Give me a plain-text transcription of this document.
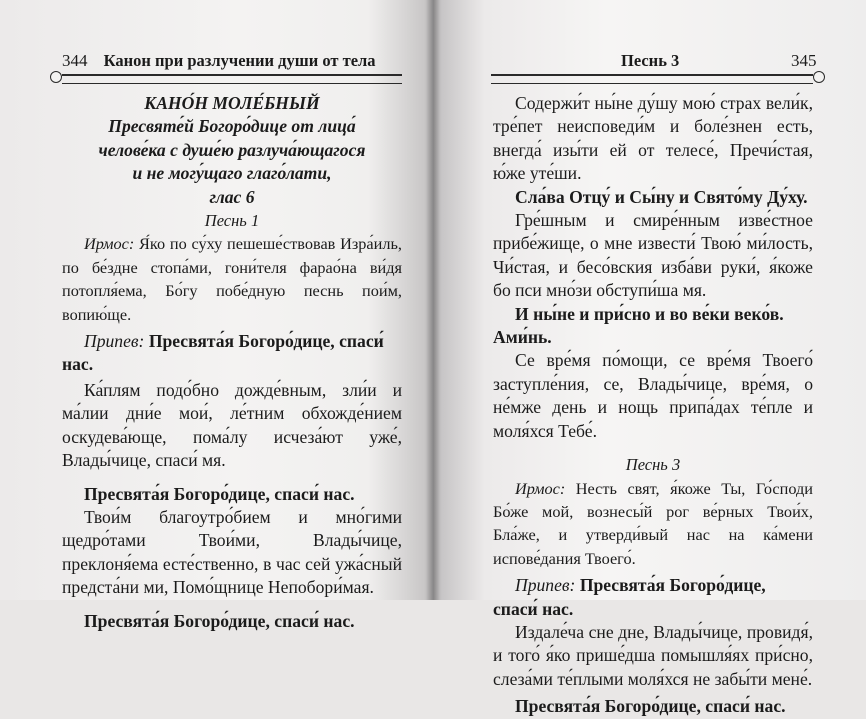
344 Канон при разлучении души от тела

КАНО́Н МОЛЕ́БНЫЙ

Пресвяте́й Богоро́дице от лица́

челове́ка с душе́ю разлуча́ющагося

и не могу́щаго глаго́лати,

глас 6

Песнь 1

Ирмос: Я́ко по су́ху пешеше́ствовав Изра́иль, по бе́здне стопа́ми, гони́теля фарао́на ви́дя потопля́ема, Бо́гу побе́дную песнь пои́м, вопию́ще.

Припев: Пресвята́я Богоро́дице, спаси́ нас.

Ка́плям подо́бно дожде́вным, зли́и и ма́лии дни́е мои́, ле́тним обхожде́нием оскудева́юще, пома́лу исчеза́ют уже́, Влады́чице, спаси́ мя.

Пресвята́я Богоро́дице, спаси́ нас.

Твои́м благоутро́бием и мно́гими щедро́тами Твои́ми, Влады́чице, преклоня́ема есте́ственно, в час сей ужа́сный предста́ни ми, Помо́щнице Непобори́мая.

Пресвята́я Богоро́дице, спаси́ нас.

Песнь 3	345

Содержи́т ны́не ду́шу мою́ страх вели́к, тре́пет неисповеди́м и боле́знен есть, внегда́ изы́ти ей от телесе́, Пречи́стая, ю́же уте́ши.

Сла́ва Отцу́ и Сы́ну и Свято́му Ду́ху.

Гре́шным и смире́нным изве́стное прибе́жище, о мне извести́ Твою́ ми́лость, Чи́стая, и бесо́вския изба́ви руки́, я́коже бо пси мно́зи обступи́ша мя.

И ны́не и при́сно и во ве́ки веко́в. Ами́нь.

Се вре́мя по́мощи, се вре́мя Твоего́ заступле́ния, се, Влады́чице, вре́мя, о не́мже день и нощь припа́дах те́пле и моля́хся Тебе́.

Песнь 3

Ирмос: Несть свят, я́коже Ты, Го́споди Бо́же мой, вознесы́й рог ве́рных Твои́х, Бла́же, и утверди́вый нас на ка́мени испове́дания Твоего́.

Припев: Пресвята́я Богоро́дице, спаси́ нас.

Издале́ча сне дне, Влады́чице, провидя́, и того́ я́ко прише́дша помышля́ях при́сно, слеза́ми те́плыми моля́хся не забы́ти мене́.

Пресвята́я Богоро́дице, спаси́ нас.
